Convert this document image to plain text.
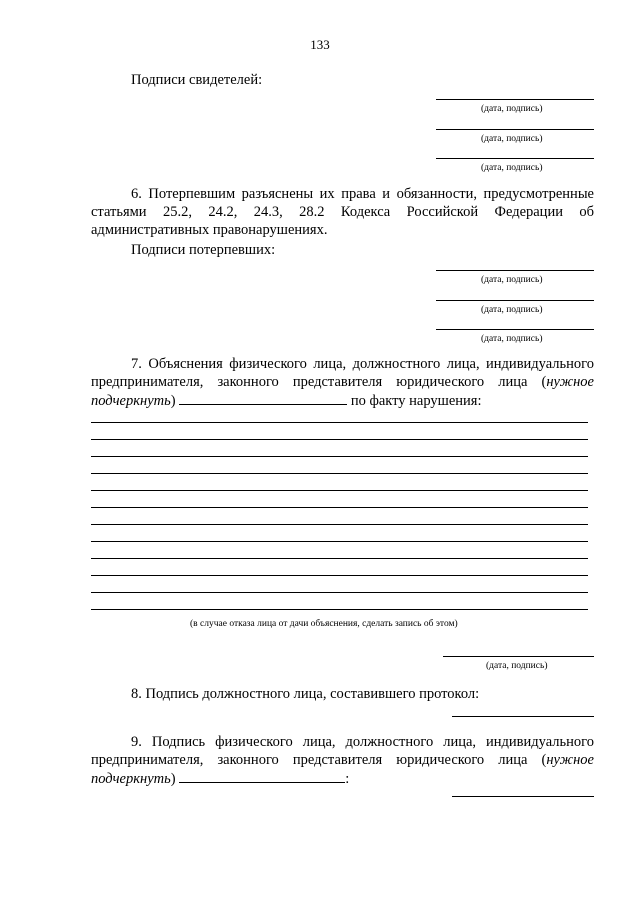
133
Подписи свидетелей:
(дата, подпись)
(дата, подпись)
(дата, подпись)
6. Потерпевшим разъяснены их права и обязанности, предусмотренные
статьями 25.2, 24.2, 24.3, 28.2 Кодекса Российской Федерации об
административных правонарушениях.
Подписи потерпевших:
(дата, подпись)
(дата, подпись)
(дата, подпись)
7. Объяснения физического лица, должностного лица, индивидуального
предпринимателя, законного представителя юридического лица (нужное
подчеркнуть)	по факту нарушения:
(в случае отказа лица от дачи объяснения, сделать запись об этом)
(дата, подпись)
8. Подпись должностного лица, составившего протокол:
9. Подпись физического лица, должностного лица, индивидуального
предпринимателя, законного представителя юридического лица (нужное
подчеркнуть)	:
